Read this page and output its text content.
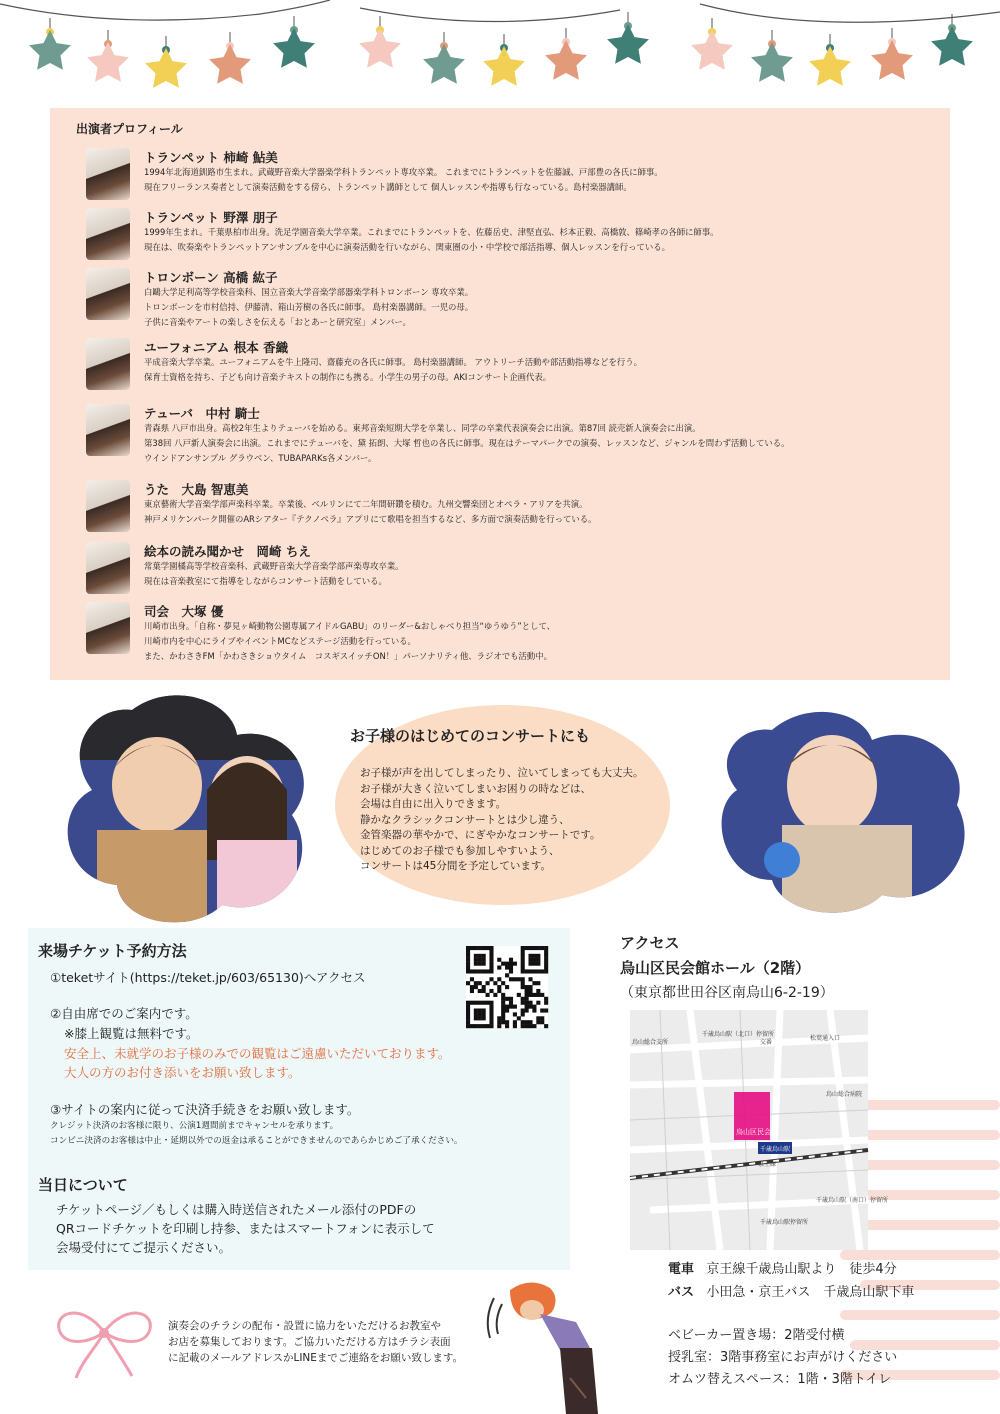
出演者プロフィール
トランペット 柿崎 鮎美
1994年北海道釧路市生まれ。武蔵野音楽大学器楽学科トランペット専攻卒業。 これまでにトランペットを佐藤誠、戸部豊の各氏に師事。
現在フリーランス奏者として演奏活動をする傍ら、トランペット講師として 個人レッスンや指導も行なっている。島村楽器講師。
トランペット 野澤 朋子
1999年生まれ。千葉県柏市出身。洗足学園音楽大学卒業。これまでにトランペットを、佐藤岳史、津堅直弘、杉本正毅、高橋敦、篠崎孝の各師に師事。
現在は、吹奏楽やトランペットアンサンブルを中心に演奏活動を行いながら、関東圏の小・中学校で部活指導、個人レッスンを行っている。
トロンボーン 高橋 紘子
白鷗大学足利高等学校音楽科、国立音楽大学音楽学部器楽学科トロンボーン 専攻卒業。
トロンボーンを市村信持、伊藤清、箱山芳樹の各氏に師事。 島村楽器講師。一児の母。
子供に音楽やアートの楽しさを伝える「おとあーと研究室」メンバー。
ユーフォニアム 根本 香織
平成音楽大学卒業。ユーフォニアムを牛上隆司、齋藤充の各氏に師事。 島村楽器講師。 アウトリーチ活動や部活動指導などを行う。
保育士資格を持ち、子ども向け音楽テキストの制作にも携る。小学生の男子の母。AKIコンサート企画代表。
テューバ　中村 騎士
青森県 八戸市出身。高校2年生よりテューバを始める。東邦音楽短期大学を卒業し、同学の卒業代表演奏会に出演。第87回 読売新人演奏会に出演。
第38回 八戸新人演奏会に出演。これまでにテューバを、黛 拓朗、大塚 哲也の各氏に師事。現在はテーマパークでの演奏、レッスンなど、ジャンルを問わず活動している。
ウインドアンサンブル グラウベン、TUBAPARKs各メンバー。
うた　大島 智恵美
東京藝術大学音楽学部声楽科卒業。卒業後、ベルリンにて二年間研鑽を積む。九州交響楽団とオペラ・アリアを共演。
神戸メリケンパーク開催のARシアター『テクノペラ』アプリにて歌唱を担当するなど、多方面で演奏活動を行っている。
絵本の読み聞かせ　岡崎 ちえ
常葉学園橘高等学校音楽科、武蔵野音楽大学音楽学部声楽専攻卒業。
現在は音楽教室にて指導をしながらコンサート活動をしている。
司会　大塚 優
川崎市出身。「自称・夢見ヶ崎動物公園専属アイドルGABU」のリーダー&おしゃべり担当“ゆうゆう”として、
川崎市内を中心にライブやイベントMCなどステージ活動を行っている。
また、かわさきFM「かわさきショウタイム　コスギスイッチON！」パーソナリティ他、ラジオでも活動中。
お子様のはじめてのコンサートにも
お子様が声を出してしまったり、泣いてしまっても大丈夫。
お子様が大きく泣いてしまいお困りの時などは、
会場は自由に出入りできます。
静かなクラシックコンサートとは少し違う、
金管楽器の華やかで、にぎやかなコンサートです。
はじめてのお子様でも参加しやすいよう、
コンサートは45分間を予定しています。
来場チケット予約方法
①teketサイト(https://teket.jp/603/65130)へアクセス
②自由席でのご案内です。
※膝上観覧は無料です。
安全上、未就学のお子様のみでの観覧はご遠慮いただいております。
大人の方のお付き添いをお願い致します。
③サイトの案内に従って決済手続きをお願い致します。
クレジット決済のお客様に限り、公演1週間前までキャンセルを承ります。
コンビニ決済のお客様は中止・延期以外での返金は承ることができませんのであらかじめご了承ください。
当日について
チケットページ／もしくは購入時送信されたメール添付のPDFの
QRコードチケットを印刷し持参、またはスマートフォンに表示して
会場受付にてご提示ください。
アクセス
烏山区民会館ホール（2階）
（東京都世田谷区南烏山6-2-19）
烏山区民会館
千歳烏山駅
烏山総合支所
千歳烏山駅（北口）停留所
交番
松葉通入口
烏山総合病院
京王線
千歳烏山駅（南口）停留所
千歳烏山駅停留所
電車 京王線千歳烏山駅より　徒歩4分
バス 小田急・京王バス　千歳烏山駅下車
ベビーカー置き場：2階受付横
授乳室：3階事務室にお声がけください
オムツ替えスペース：1階・3階トイレ
演奏会のチラシの配布・設置に協力をいただけるお教室や
お店を募集しております。ご協力いただける方はチラシ表面
に記載のメールアドレスかLINEまでご連絡をお願い致します。
